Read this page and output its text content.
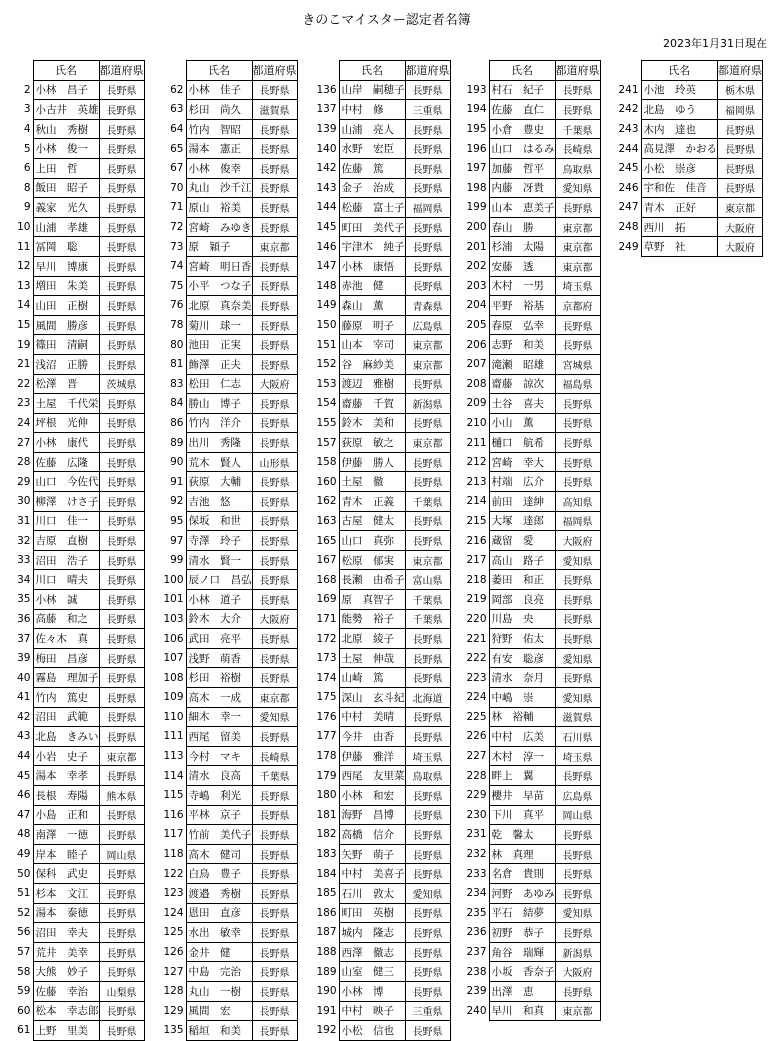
きのこマイスター認定者名簿
2023年1月31日現在
	氏名	都道府県
2	小林　昌子	長野県
3	小古井　英雄	長野県
4	秋山　秀樹	長野県
5	小林　俊一	長野県
6	上田　哲	長野県
8	飯田　昭子	長野県
9	義家　光久	長野県
10	山浦　孝雄	長野県
11	冨岡　聡	長野県
12	早川　博康	長野県
13	増田　朱美	長野県
14	山田　正樹	長野県
15	風間　勝彦	長野県
19	篠田　清嗣	長野県
21	浅沼　正勝	長野県
22	松澤　晋	茨城県
23	土屋　千代栄	長野県
24	坪根　光伸	長野県
27	小林　康代	長野県
28	佐藤　広隆	長野県
29	山口　今佐代	長野県
30	柳澤　けさ子	長野県
31	川口　佳一	長野県
32	吉原　直樹	長野県
33	沼田　浩子	長野県
34	川口　晴夫	長野県
35	小林　誠	長野県
36	高藤　和之	長野県
37	佐々木　真	長野県
39	梅田　昌彦	長野県
40	霧島　理加子	長野県
41	竹内　篤史	長野県
42	沼田　武範	長野県
43	北島　きみい	長野県
44	小岩　史子	東京都
45	湯本　幸孝	長野県
46	長根　寿陽	熊本県
47	小島　正和	長野県
48	南澤　一徳	長野県
49	岸本　睦子	岡山県
50	保科　武史	長野県
51	杉本　文江	長野県
52	湯本　泰徳	長野県
56	沼田　幸夫	長野県
57	荒井　美幸	長野県
58	大熊　妙子	長野県
59	佐藤　幸治	山梨県
60	松本　幸志郎	長野県
61	上野　里美	長野県
	氏名	都道府県
62	小林　佳子	長野県
63	杉田　尚久	滋賀県
64	竹内　智昭	長野県
65	湯本　憲正	長野県
67	小林　俊幸	長野県
70	丸山　沙千江	長野県
71	原山　裕美	長野県
72	宮崎　みゆき	長野県
73	原　穎子	東京都
74	宮崎　明日香	長野県
75	小平　つな子	長野県
76	北原　真奈美	長野県
78	菊川　球一	長野県
80	池田　正実	長野県
81	飾澤　正夫	長野県
83	松田　仁志	大阪府
84	勝山　博子	長野県
86	竹内　洋介	長野県
89	出川　秀隆	長野県
90	荒木　賢人	山形県
91	荻原　大輔	長野県
92	吉池　悠	長野県
95	保坂　和世	長野県
97	寺澤　玲子	長野県
99	清水　賢一	長野県
100	辰ノ口　昌弘	長野県
101	小林　道子	長野県
103	鈴木　大介	大阪府
106	武田　亮平	長野県
107	浅野　萌香	長野県
108	杉田　裕樹	長野県
109	高木　一成	東京都
110	細木　幸一	愛知県
111	西尾　留美	長野県
113	今村　マキ	長崎県
114	清水　良高	千葉県
115	寺嶋　利光	長野県
116	平林　京子	長野県
117	竹前　美代子	長野県
118	高木　健司	長野県
122	白鳥　豊子	長野県
123	渡邉　秀樹	長野県
124	恩田　直彦	長野県
125	水出　敏幸	長野県
126	金井　健	長野県
127	中島　完治	長野県
128	丸山　一樹	長野県
129	風間　宏	長野県
135	稲垣　和美	長野県
	氏名	都道府県
136	山岸　嗣穂子	長野県
137	中村　修	三重県
139	山浦　亮人	長野県
140	水野　宏臣	長野県
142	佐藤　篤	長野県
143	金子　治成	長野県
144	松藤　富士子	福岡県
145	町田　美代子	長野県
146	宇津木　純子	長野県
147	小林　康悟	長野県
148	赤池　健	長野県
149	森山　薫	青森県
150	藤原　明子	広島県
151	山本　宰司	東京都
152	谷　麻紗美	東京都
153	渡辺　雅樹	長野県
154	齋藤　千賀	新潟県
155	鈴木　美和	長野県
157	荻原　敏之	東京都
158	伊藤　勝人	長野県
160	土屋　徹	長野県
162	青木　正義	千葉県
163	古屋　健太	長野県
165	山口　真弥	長野県
167	松原　郁実	東京都
168	長瀬　由希子	富山県
169	原　真智子	千葉県
171	能勢　裕子	千葉県
172	北原　綾子	長野県
173	土屋　伸哉	長野県
174	山崎　篤	長野県
175	深山　玄斗紀	北海道
176	中村　美晴	長野県
177	今井　由香	長野県
178	伊藤　雅洋	埼玉県
179	西尾　友里菜	鳥取県
180	小林　和宏	長野県
181	海野　昌博	長野県
182	高橋　信介	長野県
183	矢野　萌子	長野県
184	中村　美喜子	長野県
185	石川　敦太	愛知県
186	町田　英樹	長野県
187	城内　隆志	長野県
188	西澤　徹志	長野県
189	山室　健三	長野県
190	小林　博	長野県
191	中村　映子	三重県
192	小松　信也	長野県
	氏名	都道府県
193	村石　紀子	長野県
194	佐藤　直仁	長野県
195	小倉　豊史	千葉県
196	山口　はるみ	長崎県
197	加藤　哲平	鳥取県
198	内藤　冴貴	愛知県
199	山本　恵美子	長野県
200	春山　勝	東京都
201	杉浦　太陽	東京都
202	安藤　透	東京都
203	木村　一男	埼玉県
204	平野　裕基	京都府
205	春原　弘幸	長野県
206	志野　和美	長野県
207	滝瀬　昭雄	宮城県
208	齋藤　諒次	福島県
209	土谷　喜夫	長野県
210	小山　薫	長野県
211	樋口　航希	長野県
212	宮崎　幸大	長野県
213	村端　広介	長野県
214	前田　達紳	高知県
215	大塚　達郎	福岡県
216	蔵留　愛	大阪府
217	高山　路子	愛知県
218	萎田　和正	長野県
219	岡部　良亮	長野県
220	川島　央	長野県
221	狩野　佑太	長野県
222	有安　聡彦	愛知県
223	清水　奈月	長野県
224	中嶋　崇	愛知県
225	林　裕輔	滋賀県
226	中村　広美	石川県
227	木村　淳一	埼玉県
228	畔上　翼	長野県
229	櫻井　早苗	広島県
230	下川　真平	岡山県
231	乾　馨太	長野県
232	林　真理	長野県
233	名倉　貴則	長野県
234	河野　あゆみ	長野県
235	平石　結夢	愛知県
236	初野　恭子	長野県
237	角谷　瑞輝	新潟県
238	小坂　香奈子	大阪府
239	出澤　恵	長野県
240	早川　和真	東京都
	氏名	都道府県
241	小池　玲英	栃木県
242	北島　ゆう	福岡県
243	木内　達也	長野県
244	高見澤　かおる	長野県
245	小松　崇彦	長野県
246	宇和佐　佳音	長野県
247	青木　正好	東京都
248	西川　拓	大阪府
249	草野　社	大阪府
